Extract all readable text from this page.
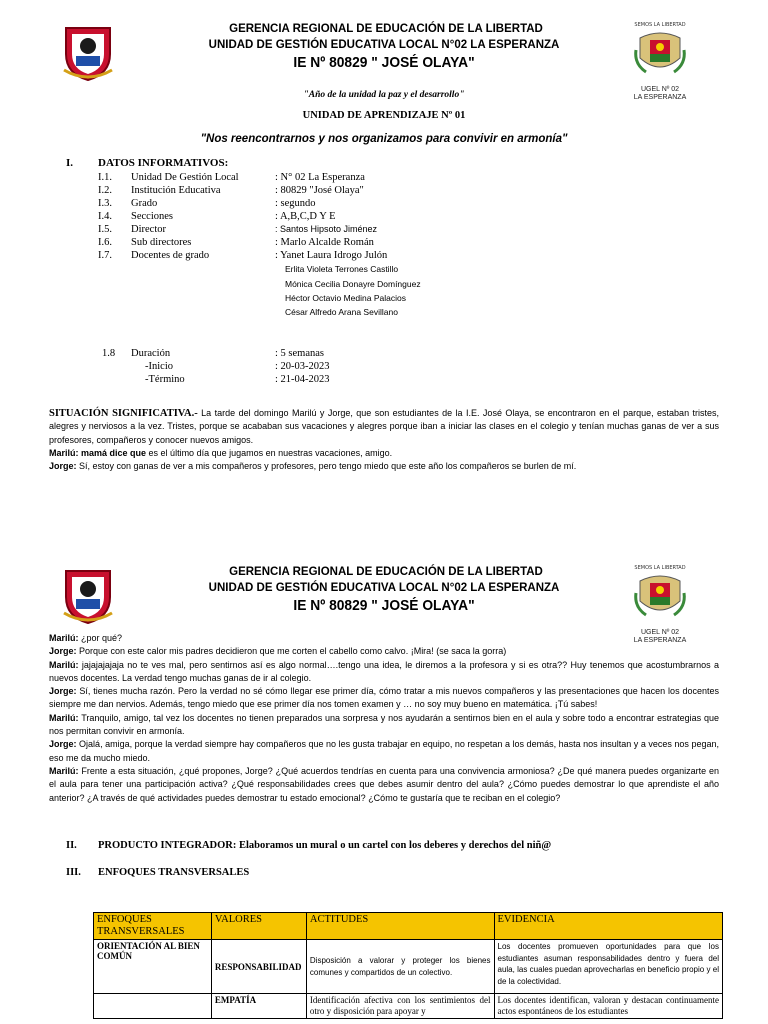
GERENCIA REGIONAL DE EDUCACIÓN DE LA LIBERTAD
UNIDAD DE GESTIÓN EDUCATIVA LOCAL N°02 LA ESPERANZA
IE Nº 80829 " JOSÉ OLAYA"
SEMOS LA LIBERTAD
UGEL Nº 02
LA ESPERANZA
"Año de la unidad la paz y el desarrollo"
UNIDAD DE APRENDIZAJE Nº 01
"Nos reencontrarnos y nos organizamos para convivir en armonía"
I. DATOS INFORMATIVOS:
I.1. Unidad De Gestión Local	: N° 02 La Esperanza
I.2. Institución Educativa	: 80829 "José Olaya"
I.3. Grado	: segundo
I.4. Secciones	: A,B,C,D Y E
I.5. Director	: Santos Hipsoto Jiménez
I.6. Sub directores	: Marlo Alcalde Román
I.7. Docentes de grado	: Yanet Laura Idrogo Julón
Erlita Violeta Terrones Castillo
Mónica Cecilia Donayre Domínguez
Héctor Octavio Medina Palacios
César Alfredo Arana Sevillano
1.8 Duración	: 5 semanas
-Inicio	: 20-03-2023
-Término	: 21-04-2023
SITUACIÓN SIGNIFICATIVA.- La tarde del domingo Marilú y Jorge, que son estudiantes de la I.E. José Olaya, se encontraron en el parque, estaban tristes, alegres y nerviosos a la vez. Tristes, porque se acababan sus vacaciones y alegres porque iban a iniciar las clases en el colegio y tenían muchas ganas de ver a sus profesores, compañeros y conocer nuevos amigos.
Marilú: mamá dice que es el último día que jugamos en nuestras vacaciones, amigo.
Jorge: Sí, estoy con ganas de ver a mis compañeros y profesores, pero tengo miedo que este año los compañeros se burlen de mí.
GERENCIA REGIONAL DE EDUCACIÓN DE LA LIBERTAD
UNIDAD DE GESTIÓN EDUCATIVA LOCAL N°02 LA ESPERANZA
IE Nº 80829 " JOSÉ OLAYA"
SEMOS LA LIBERTAD
UGEL Nº 02
LA ESPERANZA
Marilú: ¿por qué?
Jorge: Porque con este calor mis padres decidieron que me corten el cabello como calvo. ¡Mira! (se saca la gorra)
Marilú: jajajajajaja no te ves mal, pero sentirnos así es algo normal….tengo una idea, le diremos a la profesora y si es otra?? Huy tenemos que acostumbrarnos a nuevos docentes. La verdad tengo muchas ganas de ir al colegio.
Jorge: Sí, tienes mucha razón. Pero la verdad no sé cómo llegar ese primer día, cómo tratar a mis nuevos compañeros y las presentaciones que hacen los docentes siempre me dan nervios. Además, tengo miedo que ese primer día nos tomen examen y … no soy muy bueno en matemática. ¡Tú sabes!
Marilú: Tranquilo, amigo, tal vez los docentes no tienen preparados una sorpresa y nos ayudarán a sentirnos bien en el aula y sobre todo a encontrar estrategias que nos permitan convivir en armonía.
Jorge: Ojalá, amiga, porque la verdad siempre hay compañeros que no les gusta trabajar en equipo, no respetan a los demás, hasta nos insultan y a veces nos pegan, eso me da mucho miedo.
Marilú: Frente a esta situación, ¿qué propones, Jorge? ¿Qué acuerdos tendrías en cuenta para una convivencia armoniosa? ¿De qué manera puedes organizarte en el aula para tener una participación activa? ¿Qué responsabilidades crees que debes asumir dentro del aula? ¿Cómo puedes demostrar lo que aprendiste el año anterior? ¿A través de qué actividades puedes demostrar tu estado emocional? ¿Cómo te gustaría que te reciban en el colegio?
II. PRODUCTO INTEGRADOR: Elaboramos un mural o un cartel con los deberes y derechos del niñ@
III. ENFOQUES TRANSVERSALES
ENFOQUES TRANSVERSALES	VALORES	ACTITUDES	EVIDENCIA
ORIENTACIÓN AL BIEN COMÚN	RESPONSABILIDAD	Disposición a valorar y proteger los bienes comunes y compartidos de un colectivo.	Los docentes promueven oportunidades para que los estudiantes asuman responsabilidades dentro y fuera del aula, las cuales puedan aprovecharlas en beneficio propio y el de la colectividad.
	EMPATÍA	Identificación afectiva con los sentimientos del otro y disposición para apoyar y	Los docentes identifican, valoran y destacan continuamente actos espontáneos de los estudiantes
